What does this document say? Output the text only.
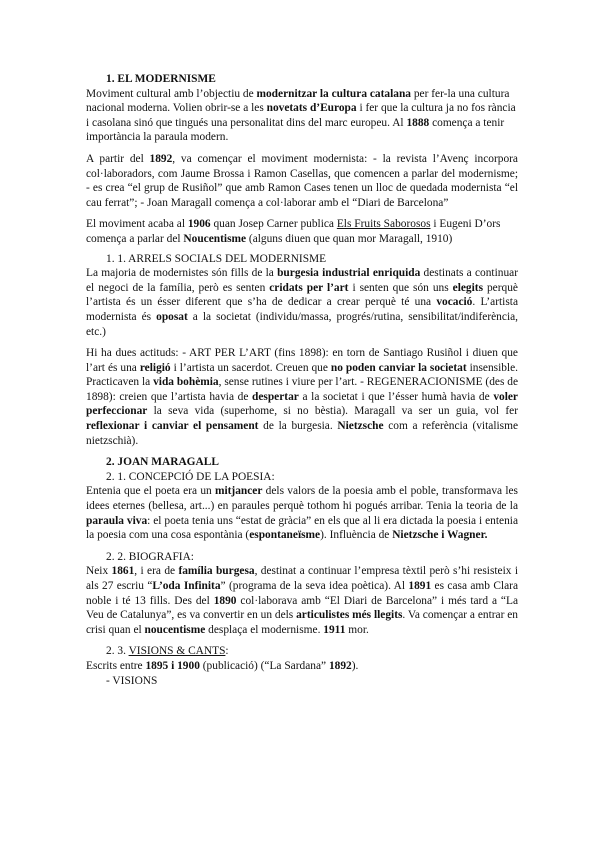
1. EL MODERNISME

Moviment cultural amb l’objectiu de modernitzar la cultura catalana per fer-la una cultura nacional moderna. Volien obrir-se a les novetats d’Europa i fer que la cultura ja no fos rància i casolana sinó que tingués una personalitat dins del marc europeu. Al 1888 comença a tenir importància la paraula modern.

A partir del 1892, va començar el moviment modernista: - la revista l’Avenç incorpora col·laboradors, com Jaume Brossa i Ramon Casellas, que comencen a parlar del modernisme; - es crea “el grup de Rusiñol” que amb Ramon Cases tenen un lloc de quedada modernista “el cau ferrat”; - Joan Maragall comença a col·laborar amb el “Diari de Barcelona”

El moviment acaba al 1906 quan Josep Carner publica Els Fruits Saborosos i Eugeni D’ors comença a parlar del Noucentisme (alguns diuen que quan mor Maragall, 1910)

1. 1. ARRELS SOCIALS DEL MODERNISME

La majoria de modernistes són fills de la burgesia industrial enriquida destinats a continuar el negoci de la família, però es senten cridats per l’art i senten que són uns elegits perquè l’artista és un ésser diferent que s’ha de dedicar a crear perquè té una vocació. L’artista modernista és oposat a la societat (individu/massa, progrés/rutina, sensibilitat/indiferència, etc.)

Hi ha dues actituds: - ART PER L’ART (fins 1898): en torn de Santiago Rusiñol i diuen que l’art és una religió i l’artista un sacerdot. Creuen que no poden canviar la societat insensible. Practicaven la vida bohèmia, sense rutines i viure per l’art. - REGENERACIONISME (des de 1898): creien que l’artista havia de despertar a la societat i que l’ésser humà havia de voler perfeccionar la seva vida (superhome, si no bèstia). Maragall va ser un guia, vol fer reflexionar i canviar el pensament de la burgesia. Nietzsche com a referència (vitalisme nietzschià).

2. JOAN MARAGALL

2. 1. CONCEPCIÓ DE LA POESIA:

Entenia que el poeta era un mitjancer dels valors de la poesia amb el poble, transformava les idees eternes (bellesa, art...) en paraules perquè tothom hi pogués arribar. Tenia la teoria de la paraula viva: el poeta tenia uns “estat de gràcia” en els que al li era dictada la poesia i entenia la poesia com una cosa espontània (espontaneïsme). Influència de Nietzsche i Wagner.

2. 2. BIOGRAFIA:

Neix 1861, i era de família burgesa, destinat a continuar l’empresa tèxtil però s’hi resisteix i als 27 escriu “L’oda Infinita” (programa de la seva idea poètica). Al 1891 es casa amb Clara noble i té 13 fills. Des del 1890 col·laborava amb “El Diari de Barcelona” i més tard a “La Veu de Catalunya”, es va convertir en un dels articulistes més llegits. Va començar a entrar en crisi quan el noucentisme desplaça el modernisme. 1911 mor.

2. 3. VISIONS & CANTS:

Escrits entre 1895 i 1900 (publicació) (“La Sardana” 1892).

- VISIONS
